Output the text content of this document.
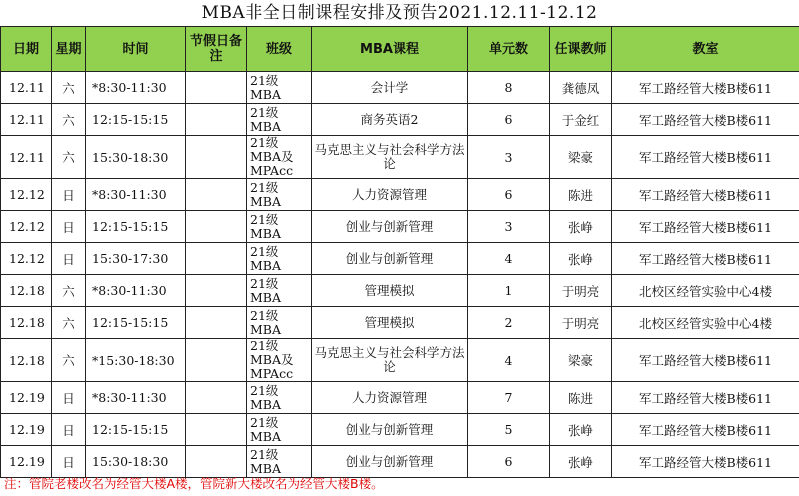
MBA非全日制课程安排及预告2021.12.11-12.12
日期	星期	时间	节假日备注	班级	MBA课程	单元数	任课教师	教室
12.11	六	*8:30-11:30		21级MBA	会计学	8	龚德凤	军工路经管大楼B楼611
12.11	六	12:15-15:15		21级MBA	商务英语2	6	于金红	军工路经管大楼B楼611
12.11	六	15:30-18:30		21级MBA及MPAcc	马克思主义与社会科学方法论	3	梁豪	军工路经管大楼B楼611
12.12	日	*8:30-11:30		21级MBA	人力资源管理	6	陈进	军工路经管大楼B楼611
12.12	日	12:15-15:15		21级MBA	创业与创新管理	3	张峥	军工路经管大楼B楼611
12.12	日	15:30-17:30		21级MBA	创业与创新管理	4	张峥	军工路经管大楼B楼611
12.18	六	*8:30-11:30		21级MBA	管理模拟	1	于明亮	北校区经管实验中心4楼
12.18	六	12:15-15:15		21级MBA	管理模拟	2	于明亮	北校区经管实验中心4楼
12.18	六	*15:30-18:30		21级MBA及MPAcc	马克思主义与社会科学方法论	4	梁豪	军工路经管大楼B楼611
12.19	日	*8:30-11:30		21级MBA	人力资源管理	7	陈进	军工路经管大楼B楼611
12.19	日	12:15-15:15		21级MBA	创业与创新管理	5	张峥	军工路经管大楼B楼611
12.19	日	15:30-18:30		21级MBA	创业与创新管理	6	张峥	军工路经管大楼B楼611
注：管院老楼改名为经管大楼A楼，管院新大楼改名为经管大楼B楼。
